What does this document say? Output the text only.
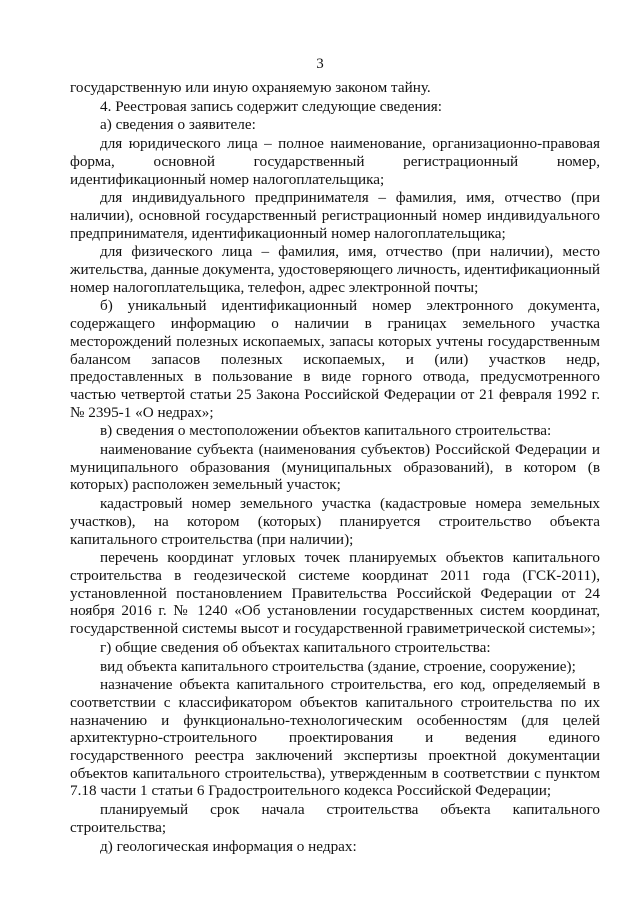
3

государственную или иную охраняемую законом тайну.

4. Реестровая запись содержит следующие сведения:

а) сведения о заявителе:

для юридического лица – полное наименование, организационно-правовая форма, основной государственный регистрационный номер, идентификационный номер налогоплательщика;

для индивидуального предпринимателя – фамилия, имя, отчество (при наличии), основной государственный регистрационный номер индивидуального предпринимателя, идентификационный номер налогоплательщика;

для физического лица – фамилия, имя, отчество (при наличии), место жительства, данные документа, удостоверяющего личность, идентификационный номер налогоплательщика, телефон, адрес электронной почты;

б) уникальный идентификационный номер электронного документа, содержащего информацию о наличии в границах земельного участка месторождений полезных ископаемых, запасы которых учтены государственным балансом запасов полезных ископаемых, и (или) участков недр, предоставленных в пользование в виде горного отвода, предусмотренного частью четвертой статьи 25 Закона Российской Федерации от 21 февраля 1992 г. № 2395-1 «О недрах»;

в) сведения о местоположении объектов капитального строительства:

наименование субъекта (наименования субъектов) Российской Федерации и муниципального образования (муниципальных образований), в котором (в которых) расположен земельный участок;

кадастровый номер земельного участка (кадастровые номера земельных участков), на котором (которых) планируется строительство объекта капитального строительства (при наличии);

перечень координат угловых точек планируемых объектов капитального строительства в геодезической системе координат 2011 года (ГСК-2011), установленной постановлением Правительства Российской Федерации от 24 ноября 2016 г. № 1240 «Об установлении государственных систем координат, государственной системы высот и государственной гравиметрической системы»;

г) общие сведения об объектах капитального строительства:

вид объекта капитального строительства (здание, строение, сооружение);

назначение объекта капитального строительства, его код, определяемый в соответствии с классификатором объектов капитального строительства по их назначению и функционально-технологическим особенностям (для целей архитектурно-строительного проектирования и ведения единого государственного реестра заключений экспертизы проектной документации объектов капитального строительства), утвержденным в соответствии с пунктом 7.18 части 1 статьи 6 Градостроительного кодекса Российской Федерации;

планируемый срок начала строительства объекта капитального строительства;

д) геологическая информация о недрах:
